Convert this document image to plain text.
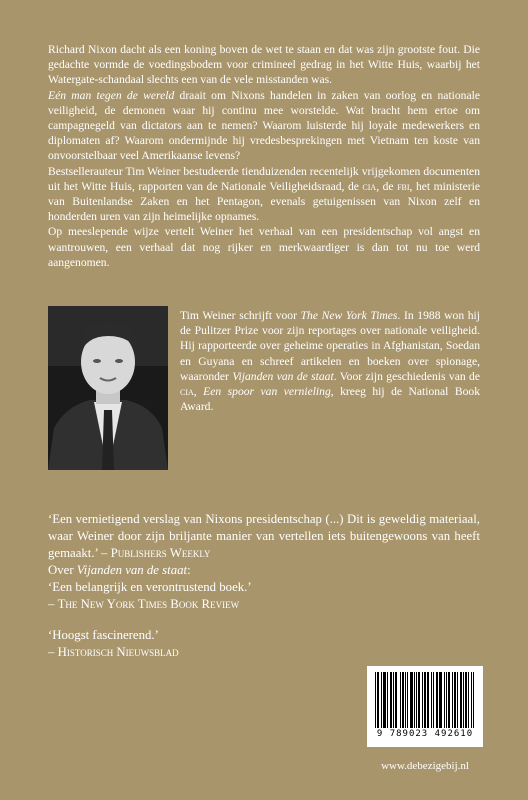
Richard Nixon dacht als een koning boven de wet te staan en dat was zijn grootste fout. Die gedachte vormde de voedingsbodem voor crimineel gedrag in het Witte Huis, waarbij het Watergate-schandaal slechts een van de vele misstanden was.

Eén man tegen de wereld draait om Nixons handelen in zaken van oorlog en nationale veiligheid, de demonen waar hij continu mee worstelde. Wat bracht hem ertoe om campagnegeld van dictators aan te nemen? Waarom luisterde hij loyale medewerkers en diplomaten af? Waarom ondermijnde hij vredesbesprekingen met Vietnam ten koste van onvoorstelbaar veel Amerikaanse levens?

Bestsellerauteur Tim Weiner bestudeerde tienduizenden recentelijk vrijgekomen documenten uit het Witte Huis, rapporten van de Nationale Veiligheidsraad, de cia, de fbi, het ministerie van Buitenlandse Zaken en het Pentagon, evenals getuigenissen van Nixon zelf en honderden uren van zijn heimelijke opnames.

Op meeslepende wijze vertelt Weiner het verhaal van een presidentschap vol angst en wantrouwen, een verhaal dat nog rijker en merkwaardiger is dan tot nu toe werd aangenomen.

Tim Weiner schrijft voor The New York Times. In 1988 won hij de Pulitzer Prize voor zijn reportages over nationale veiligheid. Hij rapporteerde over geheime operaties in Afghanistan, Soedan en Guyana en schreef artikelen en boeken over spionage, waaronder Vijanden van de staat. Voor zijn geschiedenis van de cia, Een spoor van vernieling, kreeg hij de National Book Award.

‘Een vernietigend verslag van Nixons presidentschap (...) Dit is geweldig materiaal, waar Weiner door zijn briljante manier van vertellen iets buitengewoons van heeft gemaakt.’ – Publishers Weekly

Over Vijanden van de staat:

‘Een belangrijk en verontrustend boek.’

– The New York Times Book Review

‘Hoogst fascinerend.’

– Historisch Nieuwsblad

9 789023 492610
www.debezigebij.nl
